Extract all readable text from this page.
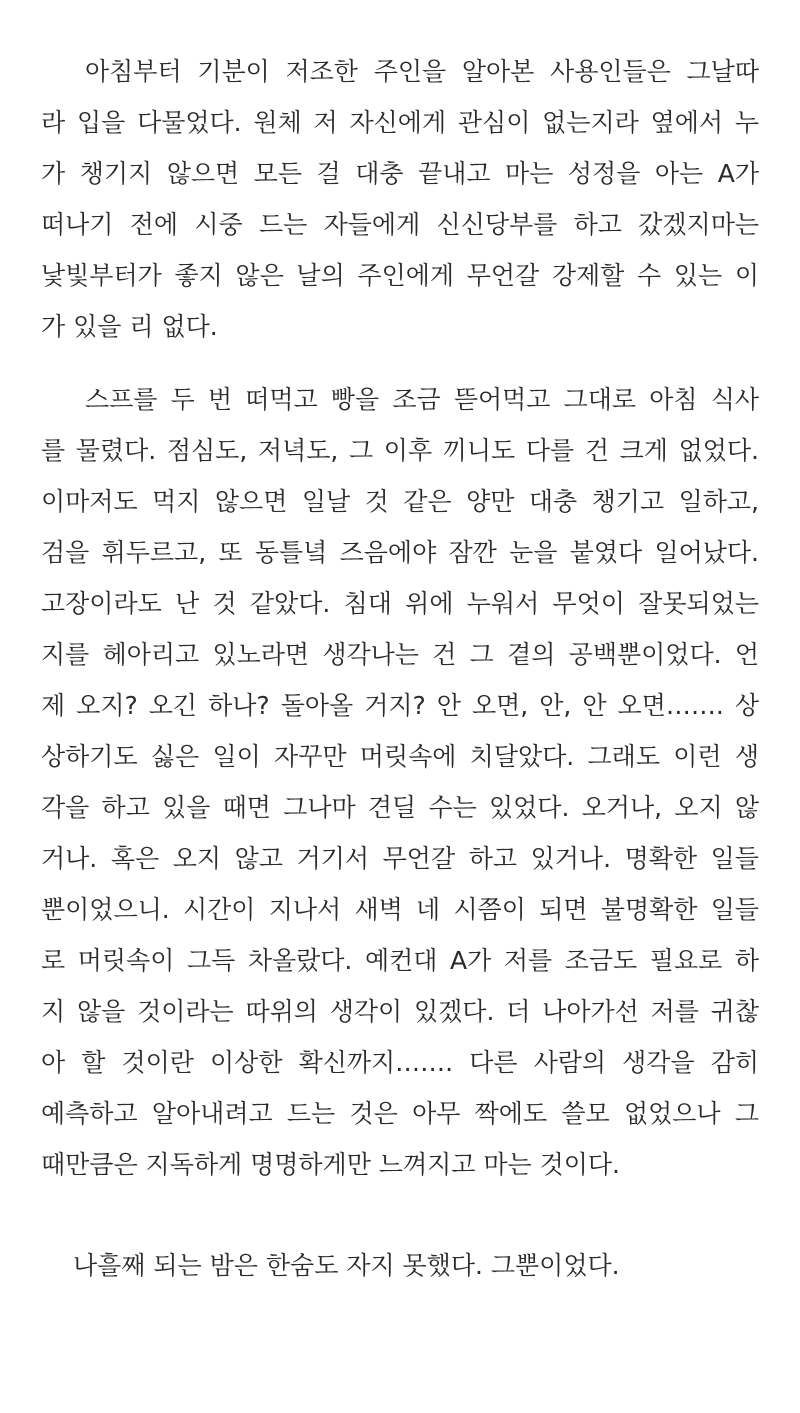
아침부터 기분이 저조한 주인을 알아본 사용인들은 그날따
라 입을 다물었다. 원체 저 자신에게 관심이 없는지라 옆에서 누
가 챙기지 않으면 모든 걸 대충 끝내고 마는 성정을 아는 A가
떠나기 전에 시중 드는 자들에게 신신당부를 하고 갔겠지마는
낯빛부터가 좋지 않은 날의 주인에게 무언갈 강제할 수 있는 이
가 있을 리 없다.
스프를 두 번 떠먹고 빵을 조금 뜯어먹고 그대로 아침 식사
를 물렸다. 점심도, 저녁도, 그 이후 끼니도 다를 건 크게 없었다.
이마저도 먹지 않으면 일날 것 같은 양만 대충 챙기고 일하고,
검을 휘두르고, 또 동틀녘 즈음에야 잠깐 눈을 붙였다 일어났다.
고장이라도 난 것 같았다. 침대 위에 누워서 무엇이 잘못되었는
지를 헤아리고 있노라면 생각나는 건 그 곁의 공백뿐이었다. 언
제 오지? 오긴 하나? 돌아올 거지? 안 오면, 안, 안 오면……. 상
상하기도 싫은 일이 자꾸만 머릿속에 치달았다. 그래도 이런 생
각을 하고 있을 때면 그나마 견딜 수는 있었다. 오거나, 오지 않
거나. 혹은 오지 않고 거기서 무언갈 하고 있거나. 명확한 일들
뿐이었으니. 시간이 지나서 새벽 네 시쯤이 되면 불명확한 일들
로 머릿속이 그득 차올랐다. 예컨대 A가 저를 조금도 필요로 하
지 않을 것이라는 따위의 생각이 있겠다. 더 나아가선 저를 귀찮
아 할 것이란 이상한 확신까지……. 다른 사람의 생각을 감히
예측하고 알아내려고 드는 것은 아무 짝에도 쓸모 없었으나 그
때만큼은 지독하게 명명하게만 느껴지고 마는 것이다.
나흘째 되는 밤은 한숨도 자지 못했다. 그뿐이었다.
